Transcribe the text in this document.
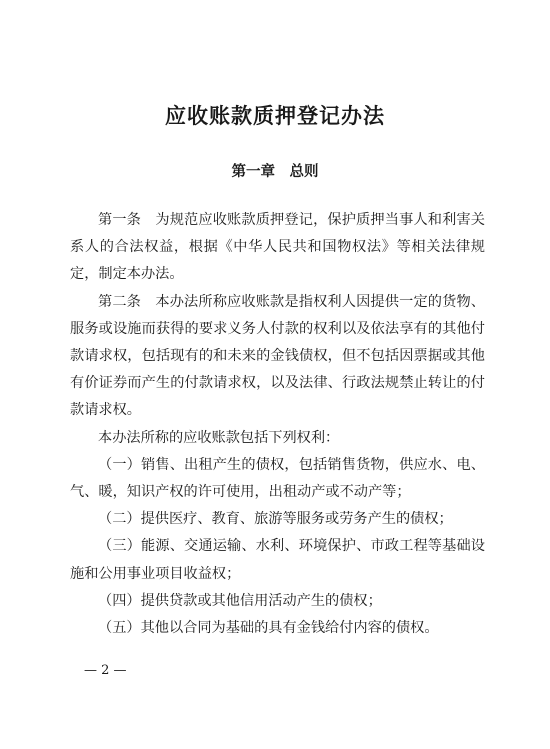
应收账款质押登记办法
第一章　总则

第一条　为规范应收账款质押登记，保护质押当事人和利害关系人的合法权益，根据《中华人民共和国物权法》等相关法律规定，制定本办法。

第二条　本办法所称应收账款是指权利人因提供一定的货物、服务或设施而获得的要求义务人付款的权利以及依法享有的其他付款请求权，包括现有的和未来的金钱债权，但不包括因票据或其他有价证券而产生的付款请求权，以及法律、行政法规禁止转让的付款请求权。

本办法所称的应收账款包括下列权利：

（一）销售、出租产生的债权，包括销售货物，供应水、电、气、暖，知识产权的许可使用，出租动产或不动产等；

（二）提供医疗、教育、旅游等服务或劳务产生的债权；

（三）能源、交通运输、水利、环境保护、市政工程等基础设施和公用事业项目收益权；

（四）提供贷款或其他信用活动产生的债权；

（五）其他以合同为基础的具有金钱给付内容的债权。

— 2 —
